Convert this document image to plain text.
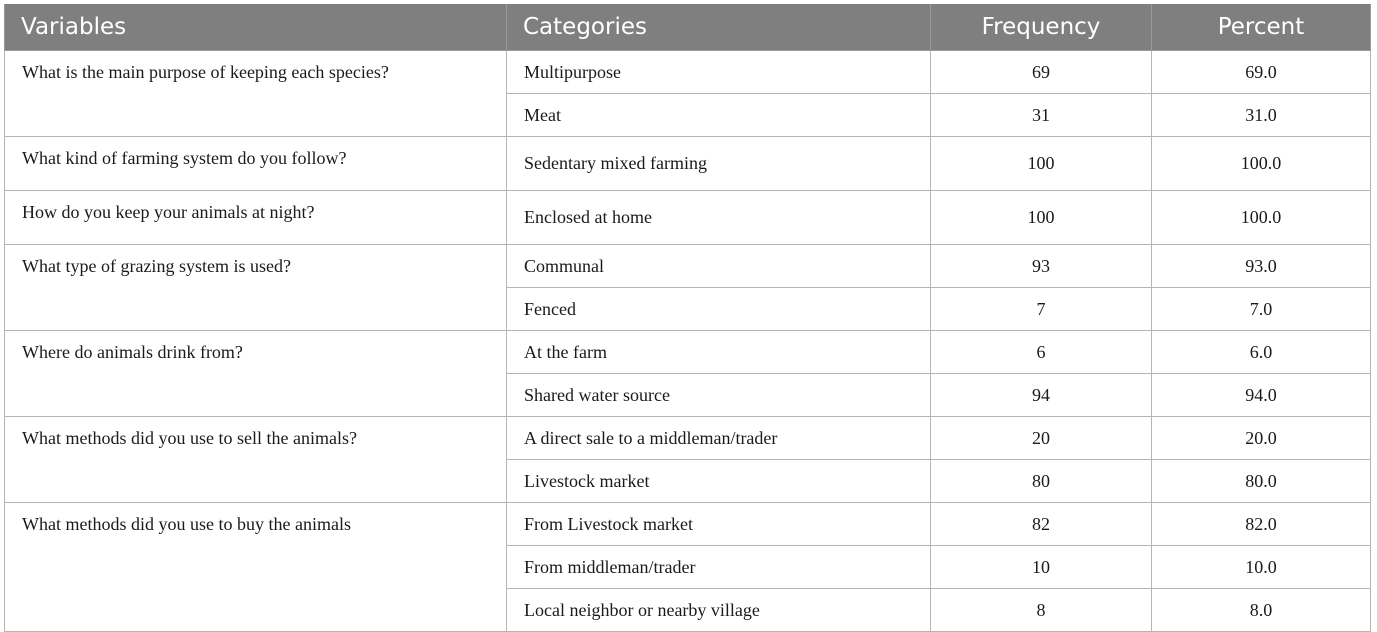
Variables	Categories	Frequency	Percent
What is the main purpose of keeping each species?	Multipurpose	69	69.0
	Meat	31	31.0
What kind of farming system do you follow?	Sedentary mixed farming	100	100.0
How do you keep your animals at night?	Enclosed at home	100	100.0
What type of grazing system is used?	Communal	93	93.0
	Fenced	7	7.0
Where do animals drink from?	At the farm	6	6.0
	Shared water source	94	94.0
What methods did you use to sell the animals?	A direct sale to a middleman/trader	20	20.0
	Livestock market	80	80.0
What methods did you use to buy the animals	From Livestock market	82	82.0
	From middleman/trader	10	10.0
	Local neighbor or nearby village	8	8.0
